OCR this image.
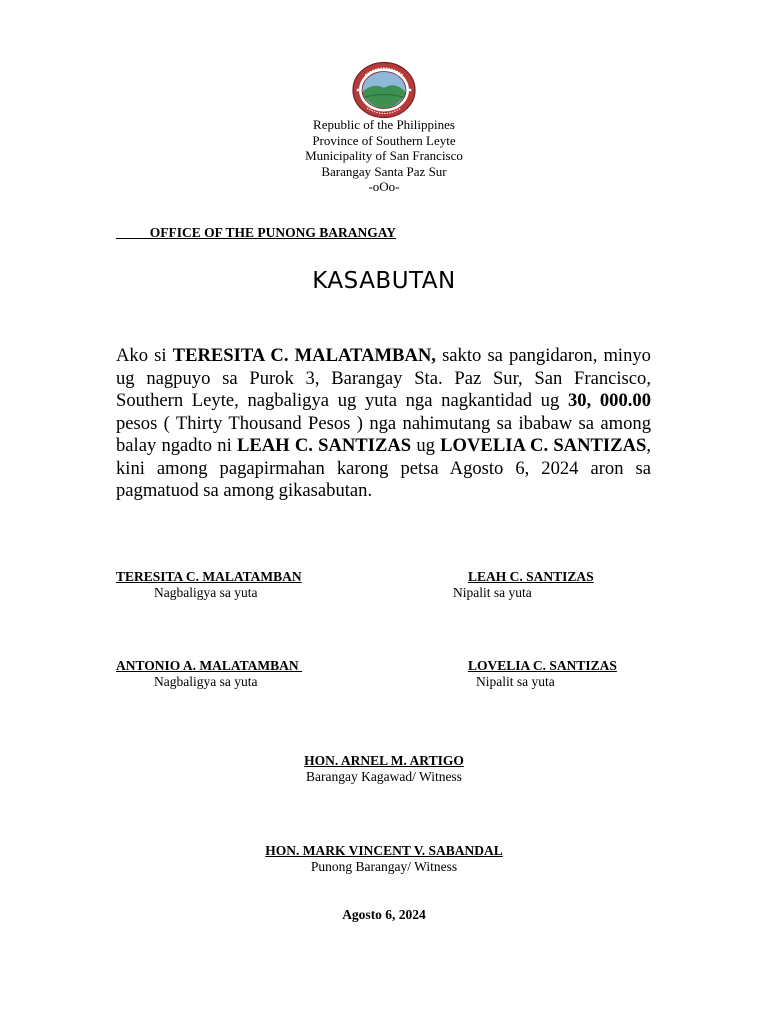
Republic of the Philippines
Province of Southern Leyte
Municipality of San Francisco
Barangay Santa Paz Sur
-oOo-
OFFICE OF THE PUNONG BARANGAY
KASABUTAN
Ako si TERESITA C. MALATAMBAN, sakto sa pangidaron, minyo ug nagpuyo sa Purok 3, Barangay Sta. Paz Sur, San Francisco, Southern Leyte, nagbaligya ug yuta nga nagkantidad ug 30, 000.00 pesos ( Thirty Thousand Pesos ) nga nahimutang sa ibabaw sa among balay ngadto ni LEAH C. SANTIZAS ug LOVELIA C. SANTIZAS, kini among pagapirmahan karong petsa Agosto 6, 2024 aron sa pagmatuod sa among gikasabutan.
TERESITA C. MALATAMBAN
Nagbaligya sa yuta
LEAH C. SANTIZAS
Nipalit sa yuta
ANTONIO A. MALATAMBAN
Nagbaligya sa yuta
LOVELIA C. SANTIZAS
Nipalit sa yuta
HON. ARNEL M. ARTIGO
Barangay Kagawad/ Witness
HON. MARK VINCENT V. SABANDAL
Punong Barangay/ Witness
Agosto 6, 2024
